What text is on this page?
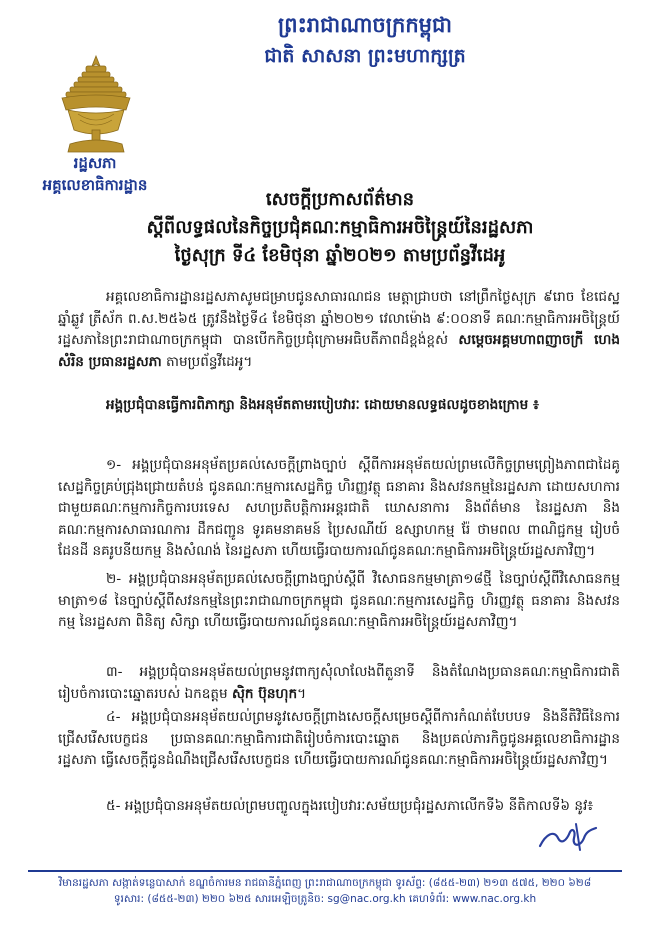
ព្រះរាជាណាចក្រកម្ពុជា
ជាតិ សាសនា ព្រះមហាក្សត្រ
រដ្ឋសភា
អគ្គលេខាធិការដ្ឋាន
សេចក្ដីប្រកាសព័ត៌មាន
ស្ដីពីលទ្ធផលនៃកិច្ចប្រជុំគណៈកម្មាធិការអចិន្ត្រៃយ៍នៃរដ្ឋសភា
ថ្ងៃសុក្រ ទី៤ ខែមិថុនា ឆ្នាំ២០២១ តាមប្រព័ន្ធវីដេអូ

អគ្គលេខាធិការដ្ឋានរដ្ឋសភាសូមជម្រាបជូនសាធារណជន មេត្តាជ្រាបថា នៅព្រឹកថ្ងៃសុក្រ ៩រោច ខែជេស្ឋ ឆ្នាំឆ្លូវ ត្រីស័ក ព.ស.២៥៦៥ ត្រូវនឹងថ្ងៃទី៤ ខែមិថុនា ឆ្នាំ២០២១ វេលាម៉ោង ៩:០០នាទី គណៈកម្មាធិការអចិន្ត្រៃយ៍រដ្ឋសភានៃព្រះរាជាណាចក្រកម្ពុជា បានបើកកិច្ចប្រជុំក្រោមអធិបតីភាពដ៏ខ្ពង់ខ្ពស់ សម្ដេចអគ្គមហាពញាចក្រី ហេង សំរិន ប្រធានរដ្ឋសភា តាមប្រព័ន្ធវីដេអូ។

អង្គប្រជុំបានធ្វើការពិភាក្សា និងអនុម័តតាមរបៀបវារៈ ដោយមានលទ្ធផលដូចខាងក្រោម ៖

១- អង្គប្រជុំបានអនុម័តប្រគល់សេចក្ដីព្រាងច្បាប់ ស្ដីពីការអនុម័តយល់ព្រមលើកិច្ចព្រមព្រៀងភាពជាដៃគូសេដ្ឋកិច្ចគ្រប់ជ្រុងជ្រោយតំបន់ ជូនគណៈកម្មការសេដ្ឋកិច្ច ហិរញ្ញវត្ថុ ធនាគារ និងសវនកម្មនៃរដ្ឋសភា ដោយសហការជាមួយគណៈកម្មការកិច្ចការបរទេស សហប្រតិបត្តិការអន្តរជាតិ ឃោសនាការ និងព័ត៌មាន នៃរដ្ឋសភា និងគណៈកម្មការសាធារណការ ដឹកជញ្ជូន ទូរគមនាគមន៍ ប្រៃសណីយ៍ ឧស្សាហកម្ម រ៉ែ ថាមពល ពាណិជ្ជកម្ម រៀបចំដែនដី នគរូបនីយកម្ម និងសំណង់ នៃរដ្ឋសភា ហើយធ្វើរបាយការណ៍ជូនគណៈកម្មាធិការអចិន្ត្រៃយ៍រដ្ឋសភាវិញ។

២- អង្គប្រជុំបានអនុម័តប្រគល់សេចក្ដីព្រាងច្បាប់ស្ដីពី វិសោធនកម្មមាត្រា១៨ថ្មី នៃច្បាប់ស្ដីពីវិសោធនកម្មមាត្រា១៨ នៃច្បាប់ស្ដីពីសវនកម្មនៃព្រះរាជាណាចក្រកម្ពុជា ជូនគណៈកម្មការសេដ្ឋកិច្ច ហិរញ្ញវត្ថុ ធនាគារ និងសវនកម្ម នៃរដ្ឋសភា ពិនិត្យ សិក្សា ហើយធ្វើរបាយការណ៍ជូនគណៈកម្មាធិការអចិន្ត្រៃយ៍រដ្ឋសភាវិញ។

៣- អង្គប្រជុំបានអនុម័តយល់ព្រមនូវពាក្យសុំលាលែងពីតួនាទី និងតំណែងប្រធានគណៈកម្មាធិការជាតិរៀបចំការបោះឆ្នោតរបស់ ឯកឧត្ដម ស៊ិក ប៊ុនហុក។

៤- អង្គប្រជុំបានអនុម័តយល់ព្រមនូវសេចក្ដីព្រាងសេចក្ដីសម្រេចស្ដីពីការកំណត់បែបបទ និងនីតិវិធីនៃការជ្រើសរើសបេក្ខជន ប្រធានគណៈកម្មាធិការជាតិរៀបចំការបោះឆ្នោត និងប្រគល់ភារកិច្ចជូនអគ្គលេខាធិការដ្ឋានរដ្ឋសភា ធ្វើសេចក្ដីជូនដំណឹងជ្រើសរើសបេក្ខជន ហើយធ្វើរបាយការណ៍ជូនគណៈកម្មាធិការអចិន្ត្រៃយ៍រដ្ឋសភាវិញ។

៥- អង្គប្រជុំបានអនុម័តយល់ព្រមបញ្ចូលក្នុងរបៀបវារៈសម័យប្រជុំរដ្ឋសភាលើកទី៦ នីតិកាលទី៦ នូវ៖

វិមានរដ្ឋសភា សង្កាត់ទន្លេបាសាក់ ខណ្ឌចំការមន រាជធានីភ្នំពេញ ព្រះរាជាណាចក្រកម្ពុជា ទូរស័ព្ទ: (៨៥៥-២៣) ២១៣ ៥៧៥, ២២០ ៦២៨
ទូរសារ: (៨៥៥-២៣) ២២០ ៦២៥ សារអេឡិចត្រូនិច: sg@nac.org.kh គេហទំព័រ: www.nac.org.kh
